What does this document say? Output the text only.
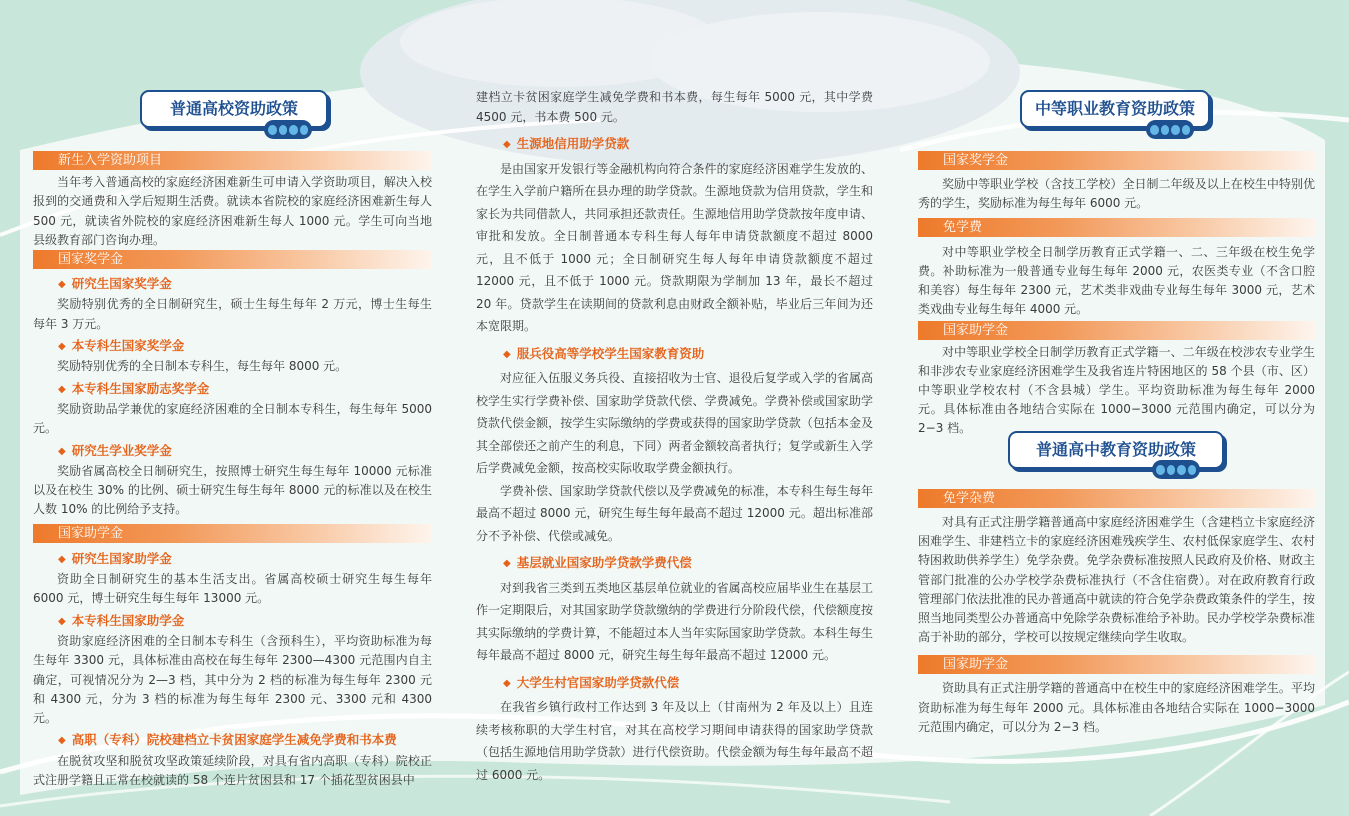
普通高校资助政策
新生入学资助项目

当年考入普通高校的家庭经济困难新生可申请入学资助项目，解决入校报到的交通费和入学后短期生活费。就读本省院校的家庭经济困难新生每人 500 元，就读省外院校的家庭经济困难新生每人 1000 元。学生可向当地县级教育部门咨询办理。

国家奖学金
◆研究生国家奖学金

奖励特别优秀的全日制研究生，硕士生每生每年 2 万元，博士生每生每年 3 万元。

◆本专科生国家奖学金

奖励特别优秀的全日制本专科生，每生每年 8000 元。

◆本专科生国家励志奖学金

奖励资助品学兼优的家庭经济困难的全日制本专科生，每生每年 5000 元。

◆研究生学业奖学金

奖励省属高校全日制研究生，按照博士研究生每生每年 10000 元标准以及在校生 30% 的比例、硕士研究生每生每年 8000 元的标准以及在校生人数 10% 的比例给予支持。

国家助学金
◆研究生国家助学金

资助全日制研究生的基本生活支出。省属高校硕士研究生每生每年 6000 元，博士研究生每生每年 13000 元。

◆本专科生国家助学金

资助家庭经济困难的全日制本专科生（含预科生），平均资助标准为每生每年 3300 元，具体标准由高校在每生每年 2300—4300 元范围内自主确定，可视情况分为 2—3 档，其中分为 2 档的标准为每生每年 2300 元和 4300 元，分为 3 档的标准为每生每年 2300 元、3300 元和 4300 元。

◆高职（专科）院校建档立卡贫困家庭学生减免学费和书本费

在脱贫攻坚和脱贫攻坚政策延续阶段，对具有省内高职（专科）院校正式注册学籍且正常在校就读的 58 个连片贫困县和 17 个插花型贫困县中

建档立卡贫困家庭学生减免学费和书本费，每生每年 5000 元，其中学费 4500 元，书本费 500 元。

◆生源地信用助学贷款

是由国家开发银行等金融机构向符合条件的家庭经济困难学生发放的、在学生入学前户籍所在县办理的助学贷款。生源地贷款为信用贷款，学生和家长为共同借款人，共同承担还款责任。生源地信用助学贷款按年度申请、审批和发放。全日制普通本专科生每人每年申请贷款额度不超过 8000 元，且不低于 1000 元；全日制研究生每人每年申请贷款额度不超过 12000 元，且不低于 1000 元。贷款期限为学制加 13 年，最长不超过 20 年。贷款学生在读期间的贷款利息由财政全额补贴，毕业后三年间为还本宽限期。

◆服兵役高等学校学生国家教育资助

对应征入伍服义务兵役、直接招收为士官、退役后复学或入学的省属高校学生实行学费补偿、国家助学贷款代偿、学费减免。学费补偿或国家助学贷款代偿金额，按学生实际缴纳的学费或获得的国家助学贷款（包括本金及其全部偿还之前产生的利息，下同）两者金额较高者执行；复学或新生入学后学费减免金额，按高校实际收取学费金额执行。

学费补偿、国家助学贷款代偿以及学费减免的标准，本专科生每生每年最高不超过 8000 元，研究生每生每年最高不超过 12000 元。超出标准部分不予补偿、代偿或减免。

◆基层就业国家助学贷款学费代偿

对到我省三类到五类地区基层单位就业的省属高校应届毕业生在基层工作一定期限后，对其国家助学贷款缴纳的学费进行分阶段代偿，代偿额度按其实际缴纳的学费计算，不能超过本人当年实际国家助学贷款。本科生每生每年最高不超过 8000 元，研究生每生每年最高不超过 12000 元。

◆大学生村官国家助学贷款代偿

在我省乡镇行政村工作达到 3 年及以上（甘南州为 2 年及以上）且连续考核称职的大学生村官，对其在高校学习期间申请获得的国家助学贷款（包括生源地信用助学贷款）进行代偿资助。代偿金额为每生每年最高不超过 6000 元。

中等职业教育资助政策
国家奖学金

奖励中等职业学校（含技工学校）全日制二年级及以上在校生中特别优秀的学生，奖励标准为每生每年 6000 元。

免学费

对中等职业学校全日制学历教育正式学籍一、二、三年级在校生免学费。补助标准为一般普通专业每生每年 2000 元，农医类专业（不含口腔和美容）每生每年 2300 元，艺术类非戏曲专业每生每年 3000 元，艺术类戏曲专业每生每年 4000 元。

国家助学金

对中等职业学校全日制学历教育正式学籍一、二年级在校涉农专业学生和非涉农专业家庭经济困难学生及我省连片特困地区的 58 个县（市、区）中等职业学校农村（不含县城）学生。平均资助标准为每生每年 2000 元。具体标准由各地结合实际在 1000−3000 元范围内确定，可以分为 2−3 档。

普通高中教育资助政策
免学杂费

对具有正式注册学籍普通高中家庭经济困难学生（含建档立卡家庭经济困难学生、非建档立卡的家庭经济困难残疾学生、农村低保家庭学生、农村特困救助供养学生）免学杂费。免学杂费标准按照人民政府及价格、财政主管部门批准的公办学校学杂费标准执行（不含住宿费）。对在政府教育行政管理部门依法批准的民办普通高中就读的符合免学杂费政策条件的学生，按照当地同类型公办普通高中免除学杂费标准给予补助。民办学校学杂费标准高于补助的部分，学校可以按规定继续向学生收取。

国家助学金

资助具有正式注册学籍的普通高中在校生中的家庭经济困难学生。平均资助标准为每生每年 2000 元。具体标准由各地结合实际在 1000−3000 元范围内确定，可以分为 2−3 档。
